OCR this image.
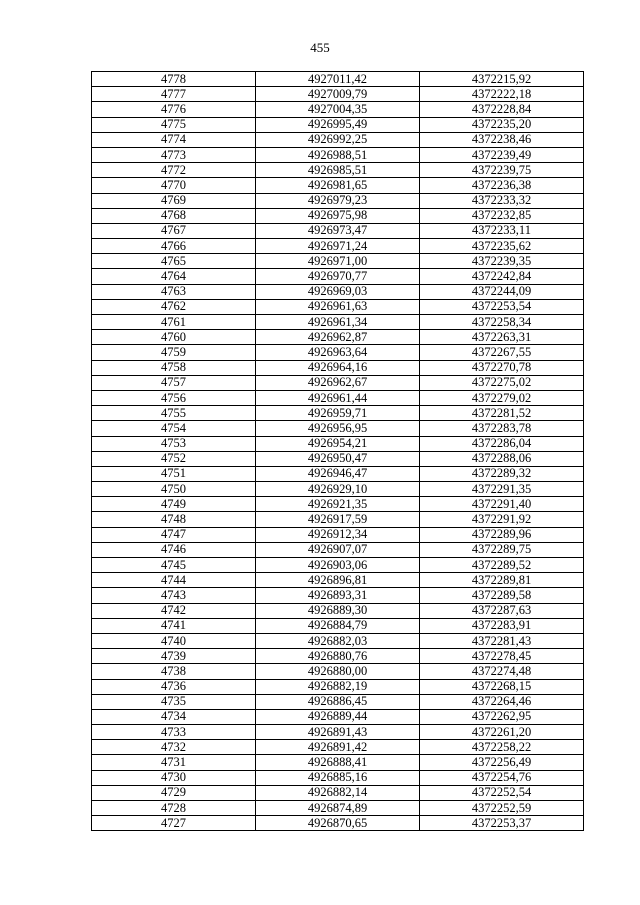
455
4778	4927011,42	4372215,92
4777	4927009,79	4372222,18
4776	4927004,35	4372228,84
4775	4926995,49	4372235,20
4774	4926992,25	4372238,46
4773	4926988,51	4372239,49
4772	4926985,51	4372239,75
4770	4926981,65	4372236,38
4769	4926979,23	4372233,32
4768	4926975,98	4372232,85
4767	4926973,47	4372233,11
4766	4926971,24	4372235,62
4765	4926971,00	4372239,35
4764	4926970,77	4372242,84
4763	4926969,03	4372244,09
4762	4926961,63	4372253,54
4761	4926961,34	4372258,34
4760	4926962,87	4372263,31
4759	4926963,64	4372267,55
4758	4926964,16	4372270,78
4757	4926962,67	4372275,02
4756	4926961,44	4372279,02
4755	4926959,71	4372281,52
4754	4926956,95	4372283,78
4753	4926954,21	4372286,04
4752	4926950,47	4372288,06
4751	4926946,47	4372289,32
4750	4926929,10	4372291,35
4749	4926921,35	4372291,40
4748	4926917,59	4372291,92
4747	4926912,34	4372289,96
4746	4926907,07	4372289,75
4745	4926903,06	4372289,52
4744	4926896,81	4372289,81
4743	4926893,31	4372289,58
4742	4926889,30	4372287,63
4741	4926884,79	4372283,91
4740	4926882,03	4372281,43
4739	4926880,76	4372278,45
4738	4926880,00	4372274,48
4736	4926882,19	4372268,15
4735	4926886,45	4372264,46
4734	4926889,44	4372262,95
4733	4926891,43	4372261,20
4732	4926891,42	4372258,22
4731	4926888,41	4372256,49
4730	4926885,16	4372254,76
4729	4926882,14	4372252,54
4728	4926874,89	4372252,59
4727	4926870,65	4372253,37
